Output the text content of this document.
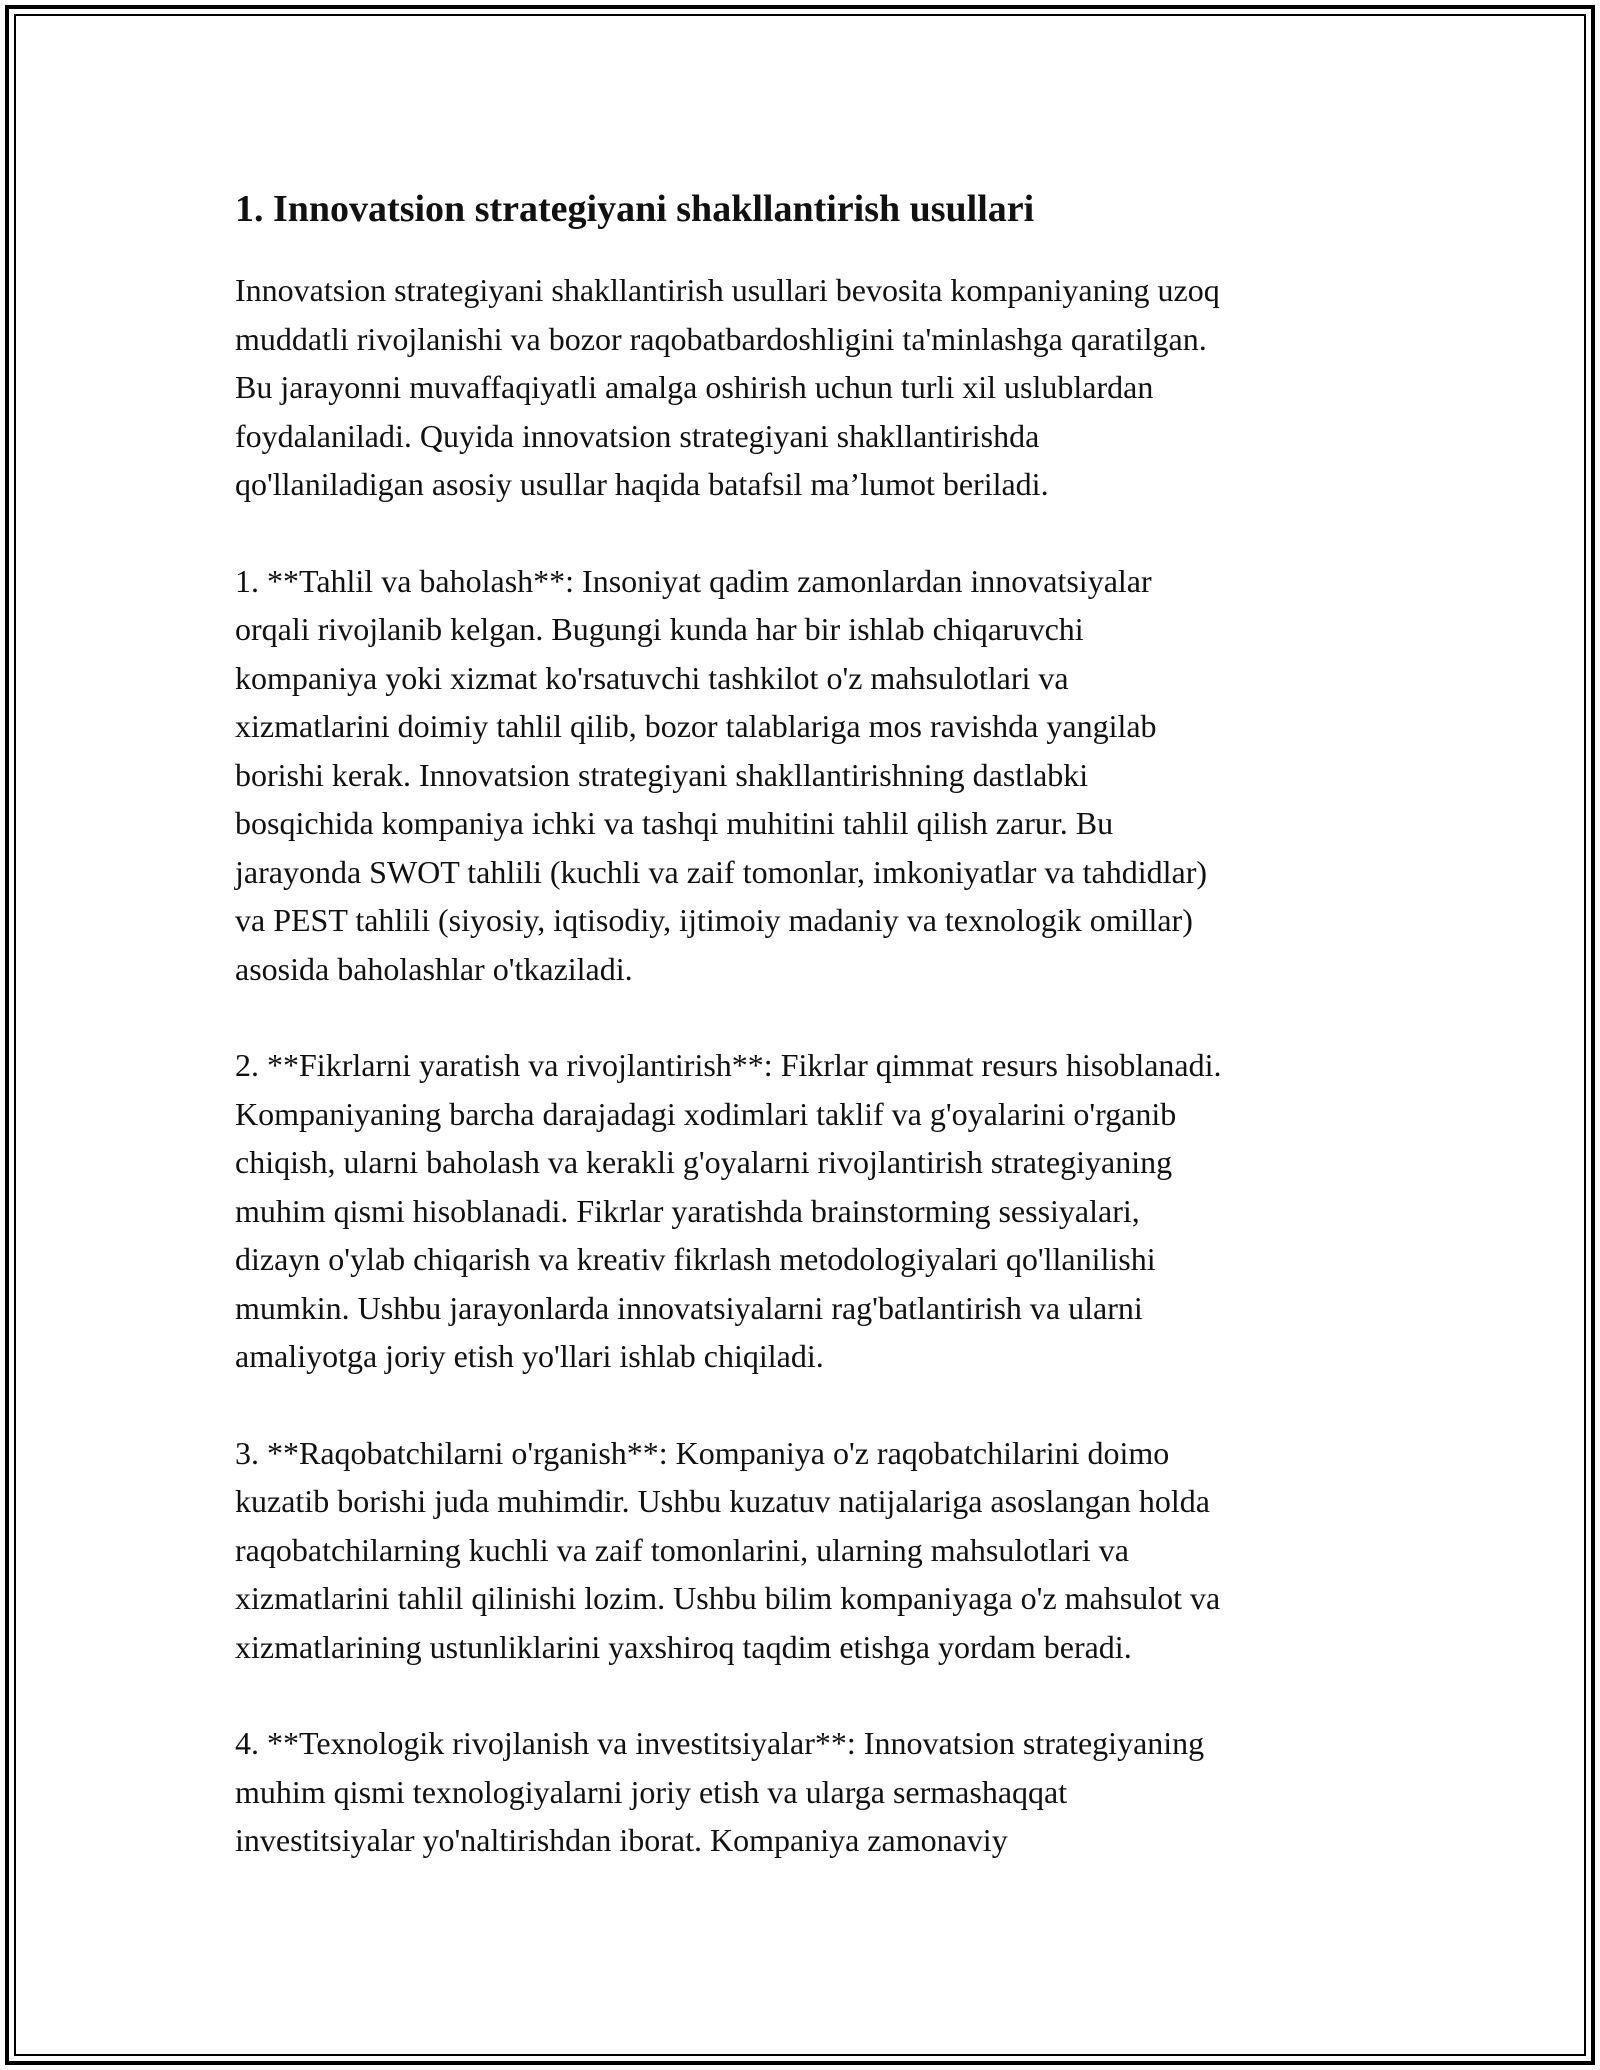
1. Innovatsion strategiyani shakllantirish usullari
Innovatsion strategiyani shakllantirish usullari bevosita kompaniyaning uzoq
muddatli rivojlanishi va bozor raqobatbardoshligini ta'minlashga qaratilgan.
Bu jarayonni muvaffaqiyatli amalga oshirish uchun turli xil uslublardan
foydalaniladi. Quyida innovatsion strategiyani shakllantirishda
qo'llaniladigan asosiy usullar haqida batafsil ma’lumot beriladi.
1. **Tahlil va baholash**: Insoniyat qadim zamonlardan innovatsiyalar
orqali rivojlanib kelgan. Bugungi kunda har bir ishlab chiqaruvchi
kompaniya yoki xizmat ko'rsatuvchi tashkilot o'z mahsulotlari va
xizmatlarini doimiy tahlil qilib, bozor talablariga mos ravishda yangilab
borishi kerak. Innovatsion strategiyani shakllantirishning dastlabki
bosqichida kompaniya ichki va tashqi muhitini tahlil qilish zarur. Bu
jarayonda SWOT tahlili (kuchli va zaif tomonlar, imkoniyatlar va tahdidlar)
va PEST tahlili (siyosiy, iqtisodiy, ijtimoiy madaniy va texnologik omillar)
asosida baholashlar o'tkaziladi.
2. **Fikrlarni yaratish va rivojlantirish**: Fikrlar qimmat resurs hisoblanadi.
Kompaniyaning barcha darajadagi xodimlari taklif va g'oyalarini o'rganib
chiqish, ularni baholash va kerakli g'oyalarni rivojlantirish strategiyaning
muhim qismi hisoblanadi. Fikrlar yaratishda brainstorming sessiyalari,
dizayn o'ylab chiqarish va kreativ fikrlash metodologiyalari qo'llanilishi
mumkin. Ushbu jarayonlarda innovatsiyalarni rag'batlantirish va ularni
amaliyotga joriy etish yo'llari ishlab chiqiladi.
3. **Raqobatchilarni o'rganish**: Kompaniya o'z raqobatchilarini doimo
kuzatib borishi juda muhimdir. Ushbu kuzatuv natijalariga asoslangan holda
raqobatchilarning kuchli va zaif tomonlarini, ularning mahsulotlari va
xizmatlarini tahlil qilinishi lozim. Ushbu bilim kompaniyaga o'z mahsulot va
xizmatlarining ustunliklarini yaxshiroq taqdim etishga yordam beradi.
4. **Texnologik rivojlanish va investitsiyalar**: Innovatsion strategiyaning
muhim qismi texnologiyalarni joriy etish va ularga sermashaqqat
investitsiyalar yo'naltirishdan iborat. Kompaniya zamonaviy
